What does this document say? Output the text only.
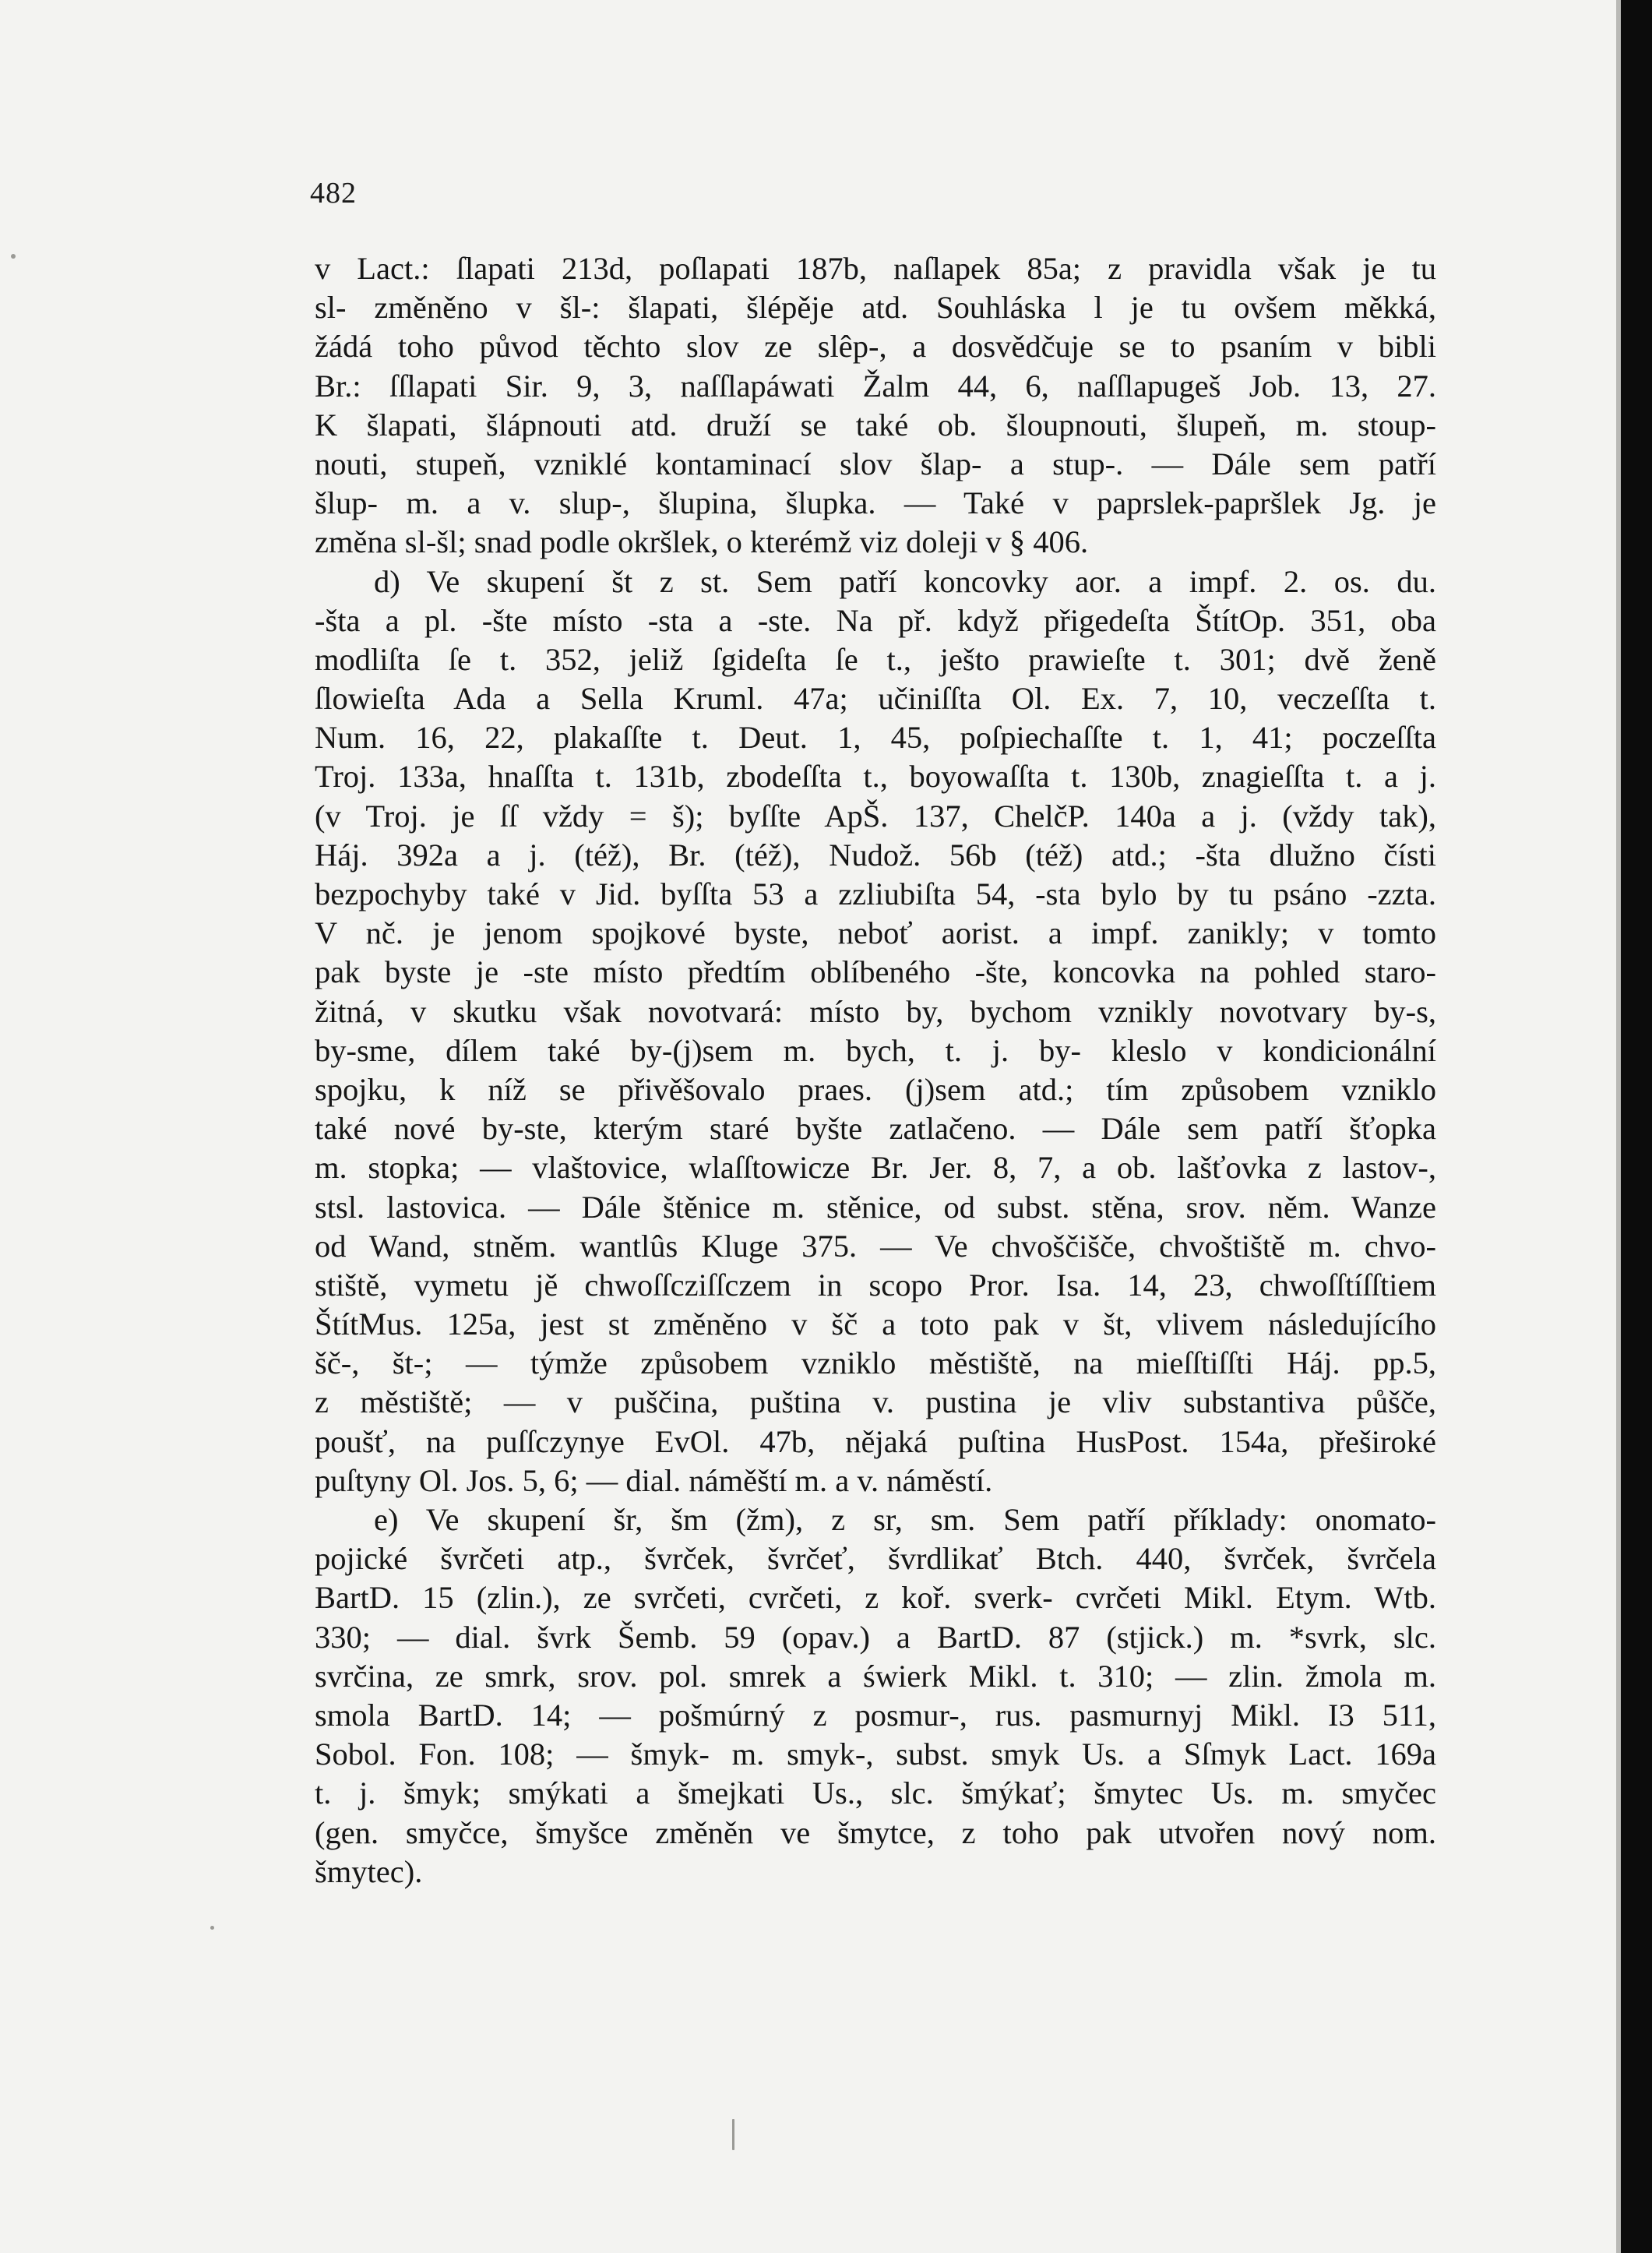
482
v Lact.: ſlapati 213d, poſlapati 187b, naſlapek 85a; z pravidla však je tu
sl- změněno v šl-: šlapati, šlépěje atd. Souhláska l je tu ovšem měkká,
žádá toho původ těchto slov ze slêp-, a dosvědčuje se to psaním v bibli
Br.: ſſlapati Sir. 9, 3, naſſlapáwati Žalm 44, 6, naſſlapugeš Job. 13, 27.
K šlapati, šlápnouti atd. druží se také ob. šloupnouti, šlupeň, m. stoup-
nouti, stupeň, vzniklé kontaminací slov šlap- a stup-. — Dále sem patří
šlup- m. a v. slup-, šlupina, šlupka. — Také v paprslek-papršlek Jg. je
změna sl-šl; snad podle okršlek, o kterémž viz doleji v § 406.
d) Ve skupení št z st. Sem patří koncovky aor. a impf. 2. os. du.
-šta a pl. -šte místo -sta a -ste. Na př. když přigedeſta ŠtítOp. 351, oba
modliſta ſe t. 352, jeliž ſgideſta ſe t., ješto prawieſte t. 301; dvě ženě
ſlowieſta Ada a Sella Kruml. 47a; učiniſſta Ol. Ex. 7, 10, veczeſſta t.
Num. 16, 22, plakaſſte t. Deut. 1, 45, poſpiechaſſte t. 1, 41; poczeſſta
Troj. 133a, hnaſſta t. 131b, zbodeſſta t., boyowaſſta t. 130b, znagieſſta t. a j.
(v Troj. je ſſ vždy = š); byſſte ApŠ. 137, ChelčP. 140a a j. (vždy tak),
Háj. 392a a j. (též), Br. (též), Nudož. 56b (též) atd.; -šta dlužno čísti
bezpochyby také v Jid. byſſta 53 a zzliubiſta 54, -sta bylo by tu psáno -zzta.
V nč. je jenom spojkové byste, neboť aorist. a impf. zanikly; v tomto
pak byste je -ste místo předtím oblíbeného -šte, koncovka na pohled staro-
žitná, v skutku však novotvará: místo by, bychom vznikly novotvary by-s,
by-sme, dílem také by-(j)sem m. bych, t. j. by- kleslo v kondicionální
spojku, k níž se přivěšovalo praes. (j)sem atd.; tím způsobem vzniklo
také nové by-ste, kterým staré byšte zatlačeno. — Dále sem patří šťopka
m. stopka; — vlaštovice, wlaſſtowicze Br. Jer. 8, 7, a ob. lašťovka z lastov-,
stsl. lastovica. — Dále štěnice m. stěnice, od subst. stěna, srov. něm. Wanze
od Wand, stněm. wantlûs Kluge 375. — Ve chvoščišče, chvoštiště m. chvo-
stiště, vymetu jě chwoſſcziſſczem in scopo Pror. Isa. 14, 23, chwoſſtíſſtiem
ŠtítMus. 125a, jest st změněno v šč a toto pak v št, vlivem následujícího
šč-, št-; — týmže způsobem vzniklo městiště, na mieſſtiſſti Háj. pp.5,
z městiště; — v puščina, puština v. pustina je vliv substantiva půšče,
poušť, na puſſczynye EvOl. 47b, nějaká puſtina HusPost. 154a, přeširoké
puſtyny Ol. Jos. 5, 6; — dial. náměští m. a v. náměstí.
e) Ve skupení šr, šm (žm), z sr, sm. Sem patří příklady: onomato-
pojické švrčeti atp., švrček, švrčeť, švrdlikať Btch. 440, švrček, švrčela
BartD. 15 (zlin.), ze svrčeti, cvrčeti, z koř. sverk- cvrčeti Mikl. Etym. Wtb.
330; — dial. švrk Šemb. 59 (opav.) a BartD. 87 (stjick.) m. *svrk, slc.
svrčina, ze smrk, srov. pol. smrek a świerk Mikl. t. 310; — zlin. žmola m.
smola BartD. 14; — pošmúrný z posmur-, rus. pasmurnyj Mikl. I3 511,
Sobol. Fon. 108; — šmyk- m. smyk-, subst. smyk Us. a Sſmyk Lact. 169a
t. j. šmyk; smýkati a šmejkati Us., slc. šmýkať; šmytec Us. m. smyčec
(gen. smyčce, šmyšce změněn ve šmytce, z toho pak utvořen nový nom.
šmytec).
